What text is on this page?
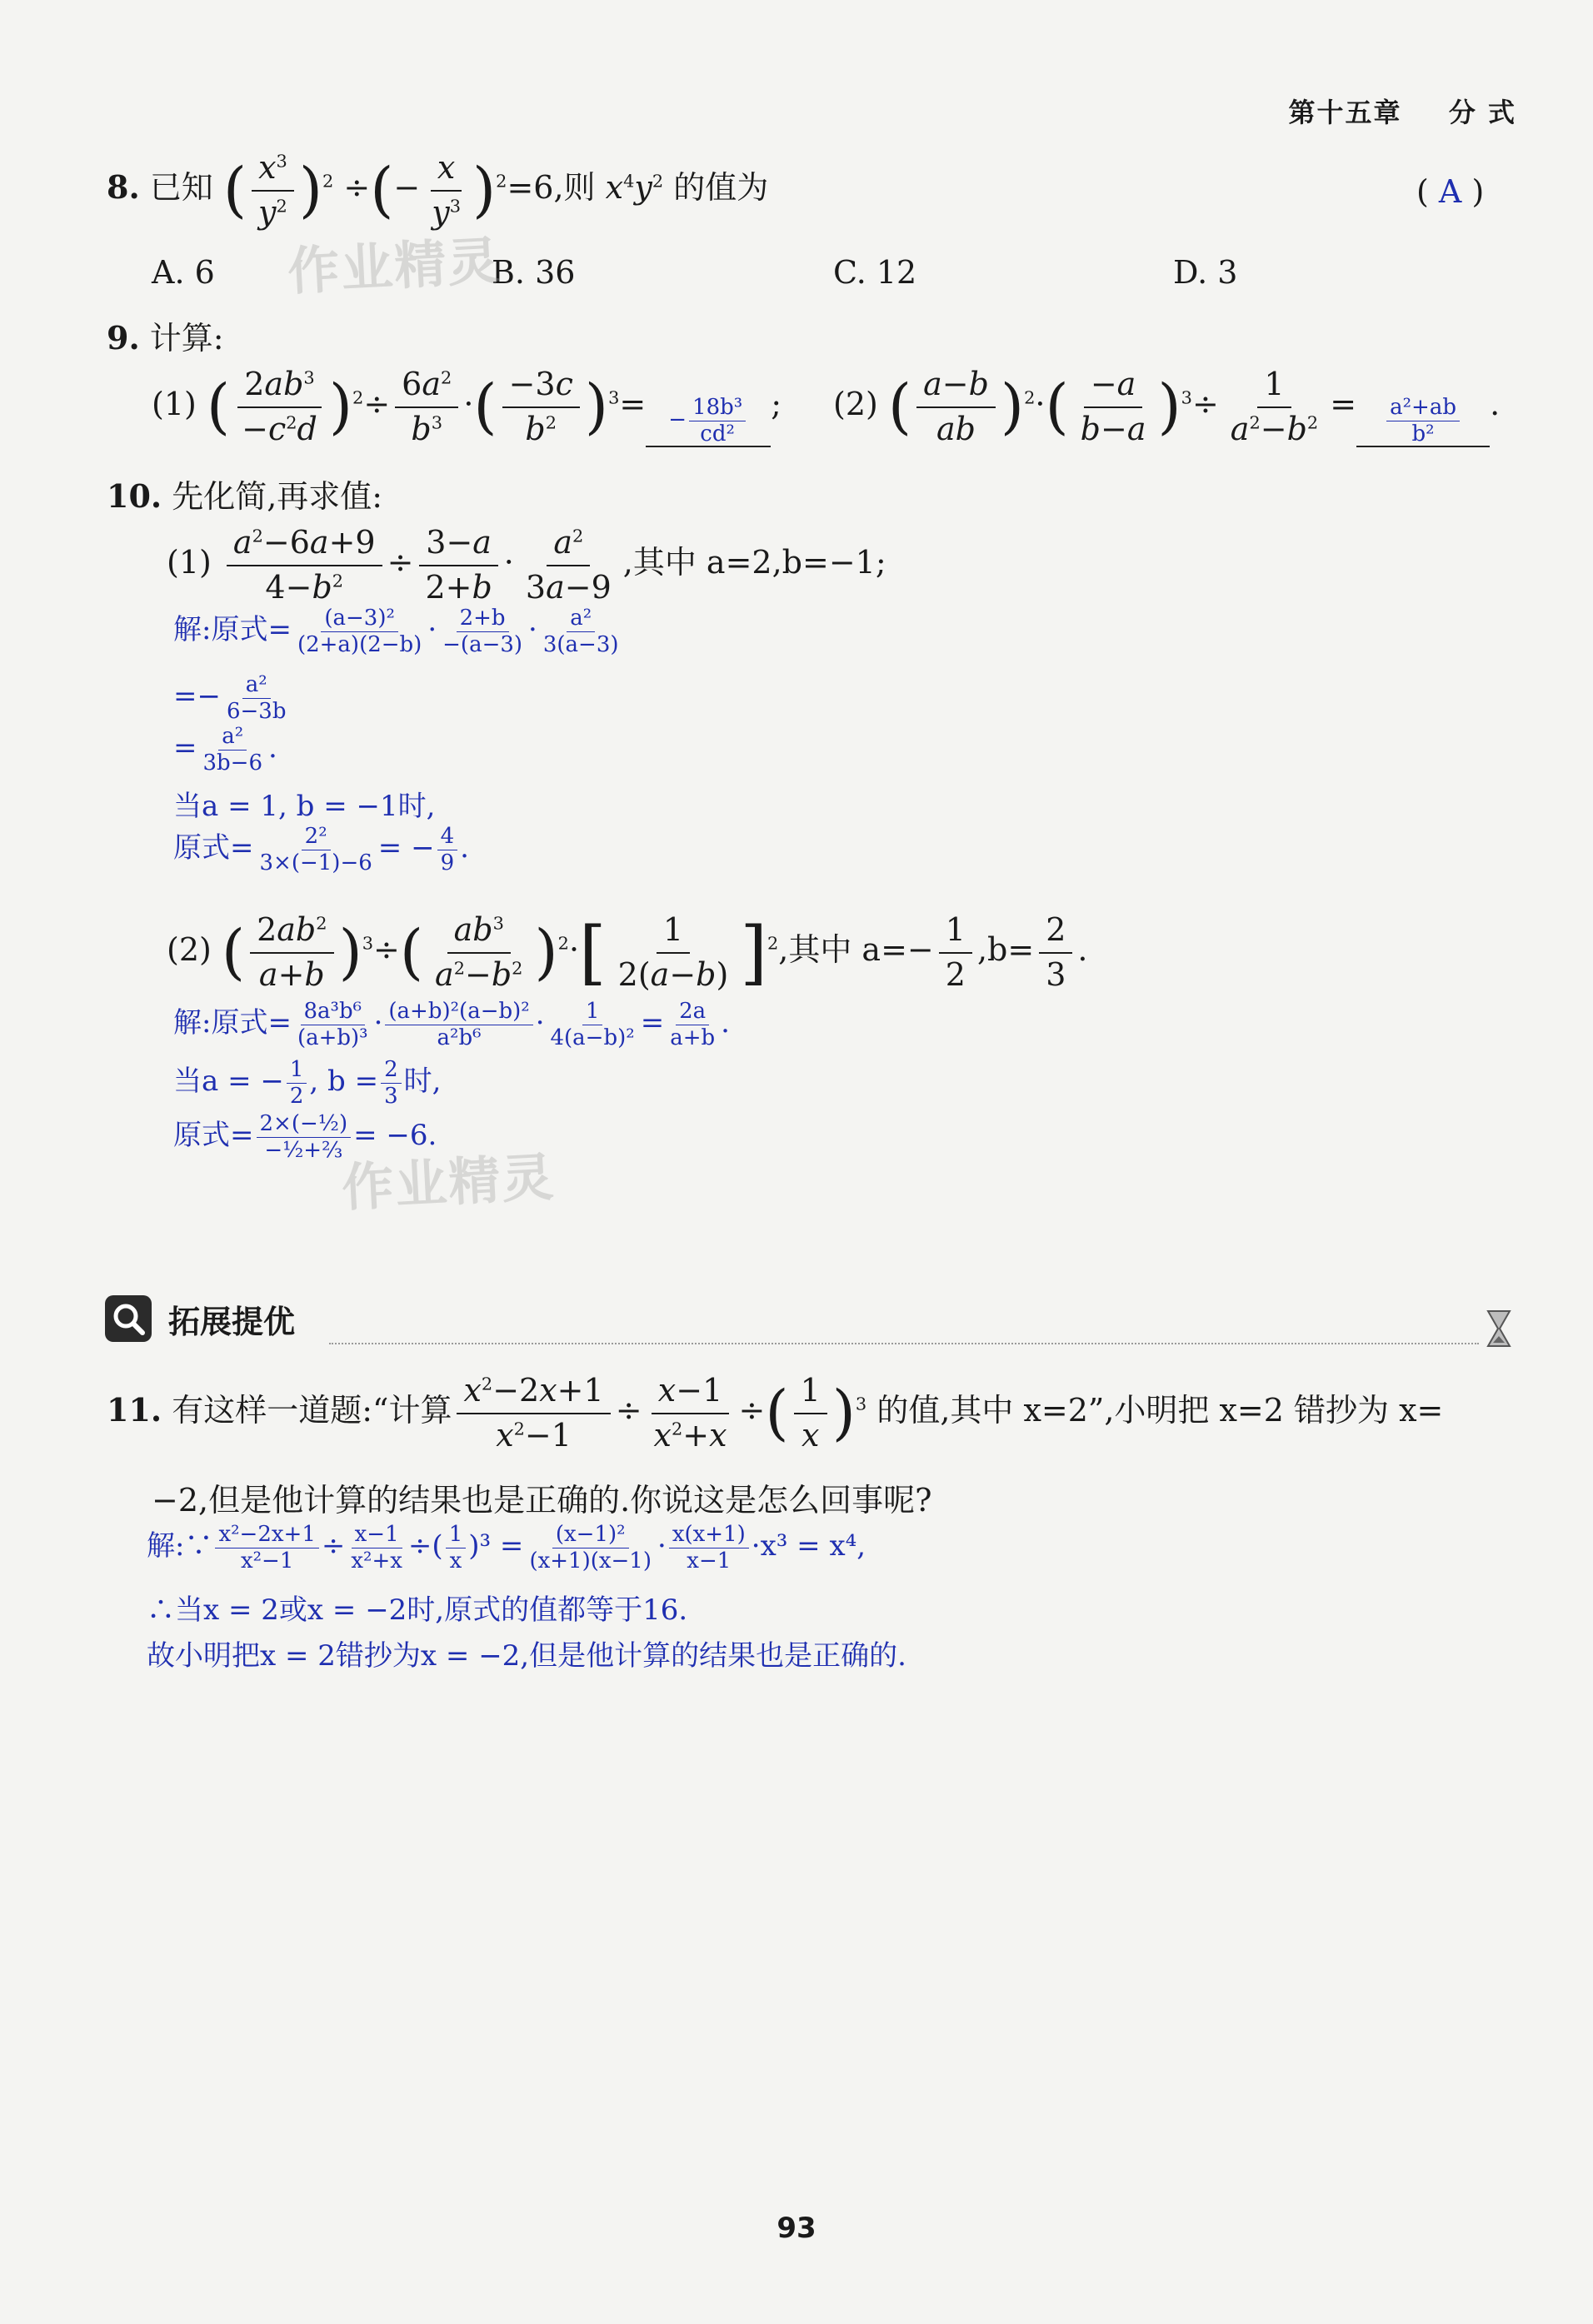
第十五章 分 式
8. 已知 ( $\frac{x^3}{y^2} )^2$ ÷(− $\frac{x}{y^3} )^2=6$,则 $x^4y^2$ 的值为	( A )
A. 6	B. 36	C. 12	D. 3
作业精灵
9. 计算:
(1) ( $\frac{2ab^3}{-c^2d} )^2\div \frac{6a^2}{b^3}$ ·( $\frac{-3c}{b^2} )^3= - \frac{\text{18b³}}{\text{cd²}}$ ; (2) ( $\frac{a-b}{ab} )^2\cdot( \frac{-a}{b-a} )^3\div \frac{1}{a^2-b^2} = \frac{\text{a²+ab}}{\text{b²}}$ .
10. 先化简,再求值:
$(1) \frac{a^2-6a+9}{4-b^2} \div \frac{3-a}{2+b} \cdot \frac{a^2}{3a-9}$ ,其中 a=2,b=−1;
解:原式= $\frac{\text{(a−3)²}}{(2+a)(2-b)} \cdot \frac{2+b}{-(a-3)} \cdot \frac{\text{a²}}{3(a-3)}$
=− $\frac{\text{a²}}{6-3b}$
= $\frac{\text{a²}}{3b-6}$ .
当a = 1, b = −1时,
原式= $\frac{\text{2²}}{3\times(-1)-6}$ = − $\frac{4}{9}$ .
(2) ( $\frac{2ab^2}{a+b} )^3\div( \frac{ab^3}{a^2-b^2} )^2\cdot[ \frac{1}{2(a-b)} ]^2$,其中 $a=- \frac{1}{2} ,b= \frac{2}{3}$ .
解:原式= $\frac{\text{8a³b⁶}}{\text{(a+b)³}} \cdot \frac{\text{(a+b)²(a−b)²}}{\text{a²b⁶}} \cdot \frac{1}{\text{4(a−b)²}} = \frac{2a}{a+b}$ .
当a = − $\frac{1}{2}$ , $b = \frac{2}{3}$ 时,
原式= $\frac{\text{2×(−½)}}{\text{−½+⅔}} = -6$.
作业精灵
拓展提优
11. 有这样一道题:“计算 $\frac{x^2-2x+1}{x^2-1} \div \frac{x-1}{x^2+x}$ ÷( $\frac{1}{x} )^3$ 的值,其中 x=2”,小明把 x=2 错抄为 x=
−2,但是他计算的结果也是正确的.你说这是怎么回事呢?
解:∵ $\frac{\text{x²−2x+1}}{\text{x²−1}} \div \frac{x-1}{\text{x²+x}}$ ÷( $\frac{1}{x} )^3 = \frac{\text{(x−1)²}}{(x+1)(x-1)} \cdot \frac{x(x+1)}{x-1} \cdot x^3 = x^4$,
∴当x = 2或x = −2时,原式的值都等于16.
故小明把x = 2错抄为x = −2,但是他计算的结果也是正确的.
93
